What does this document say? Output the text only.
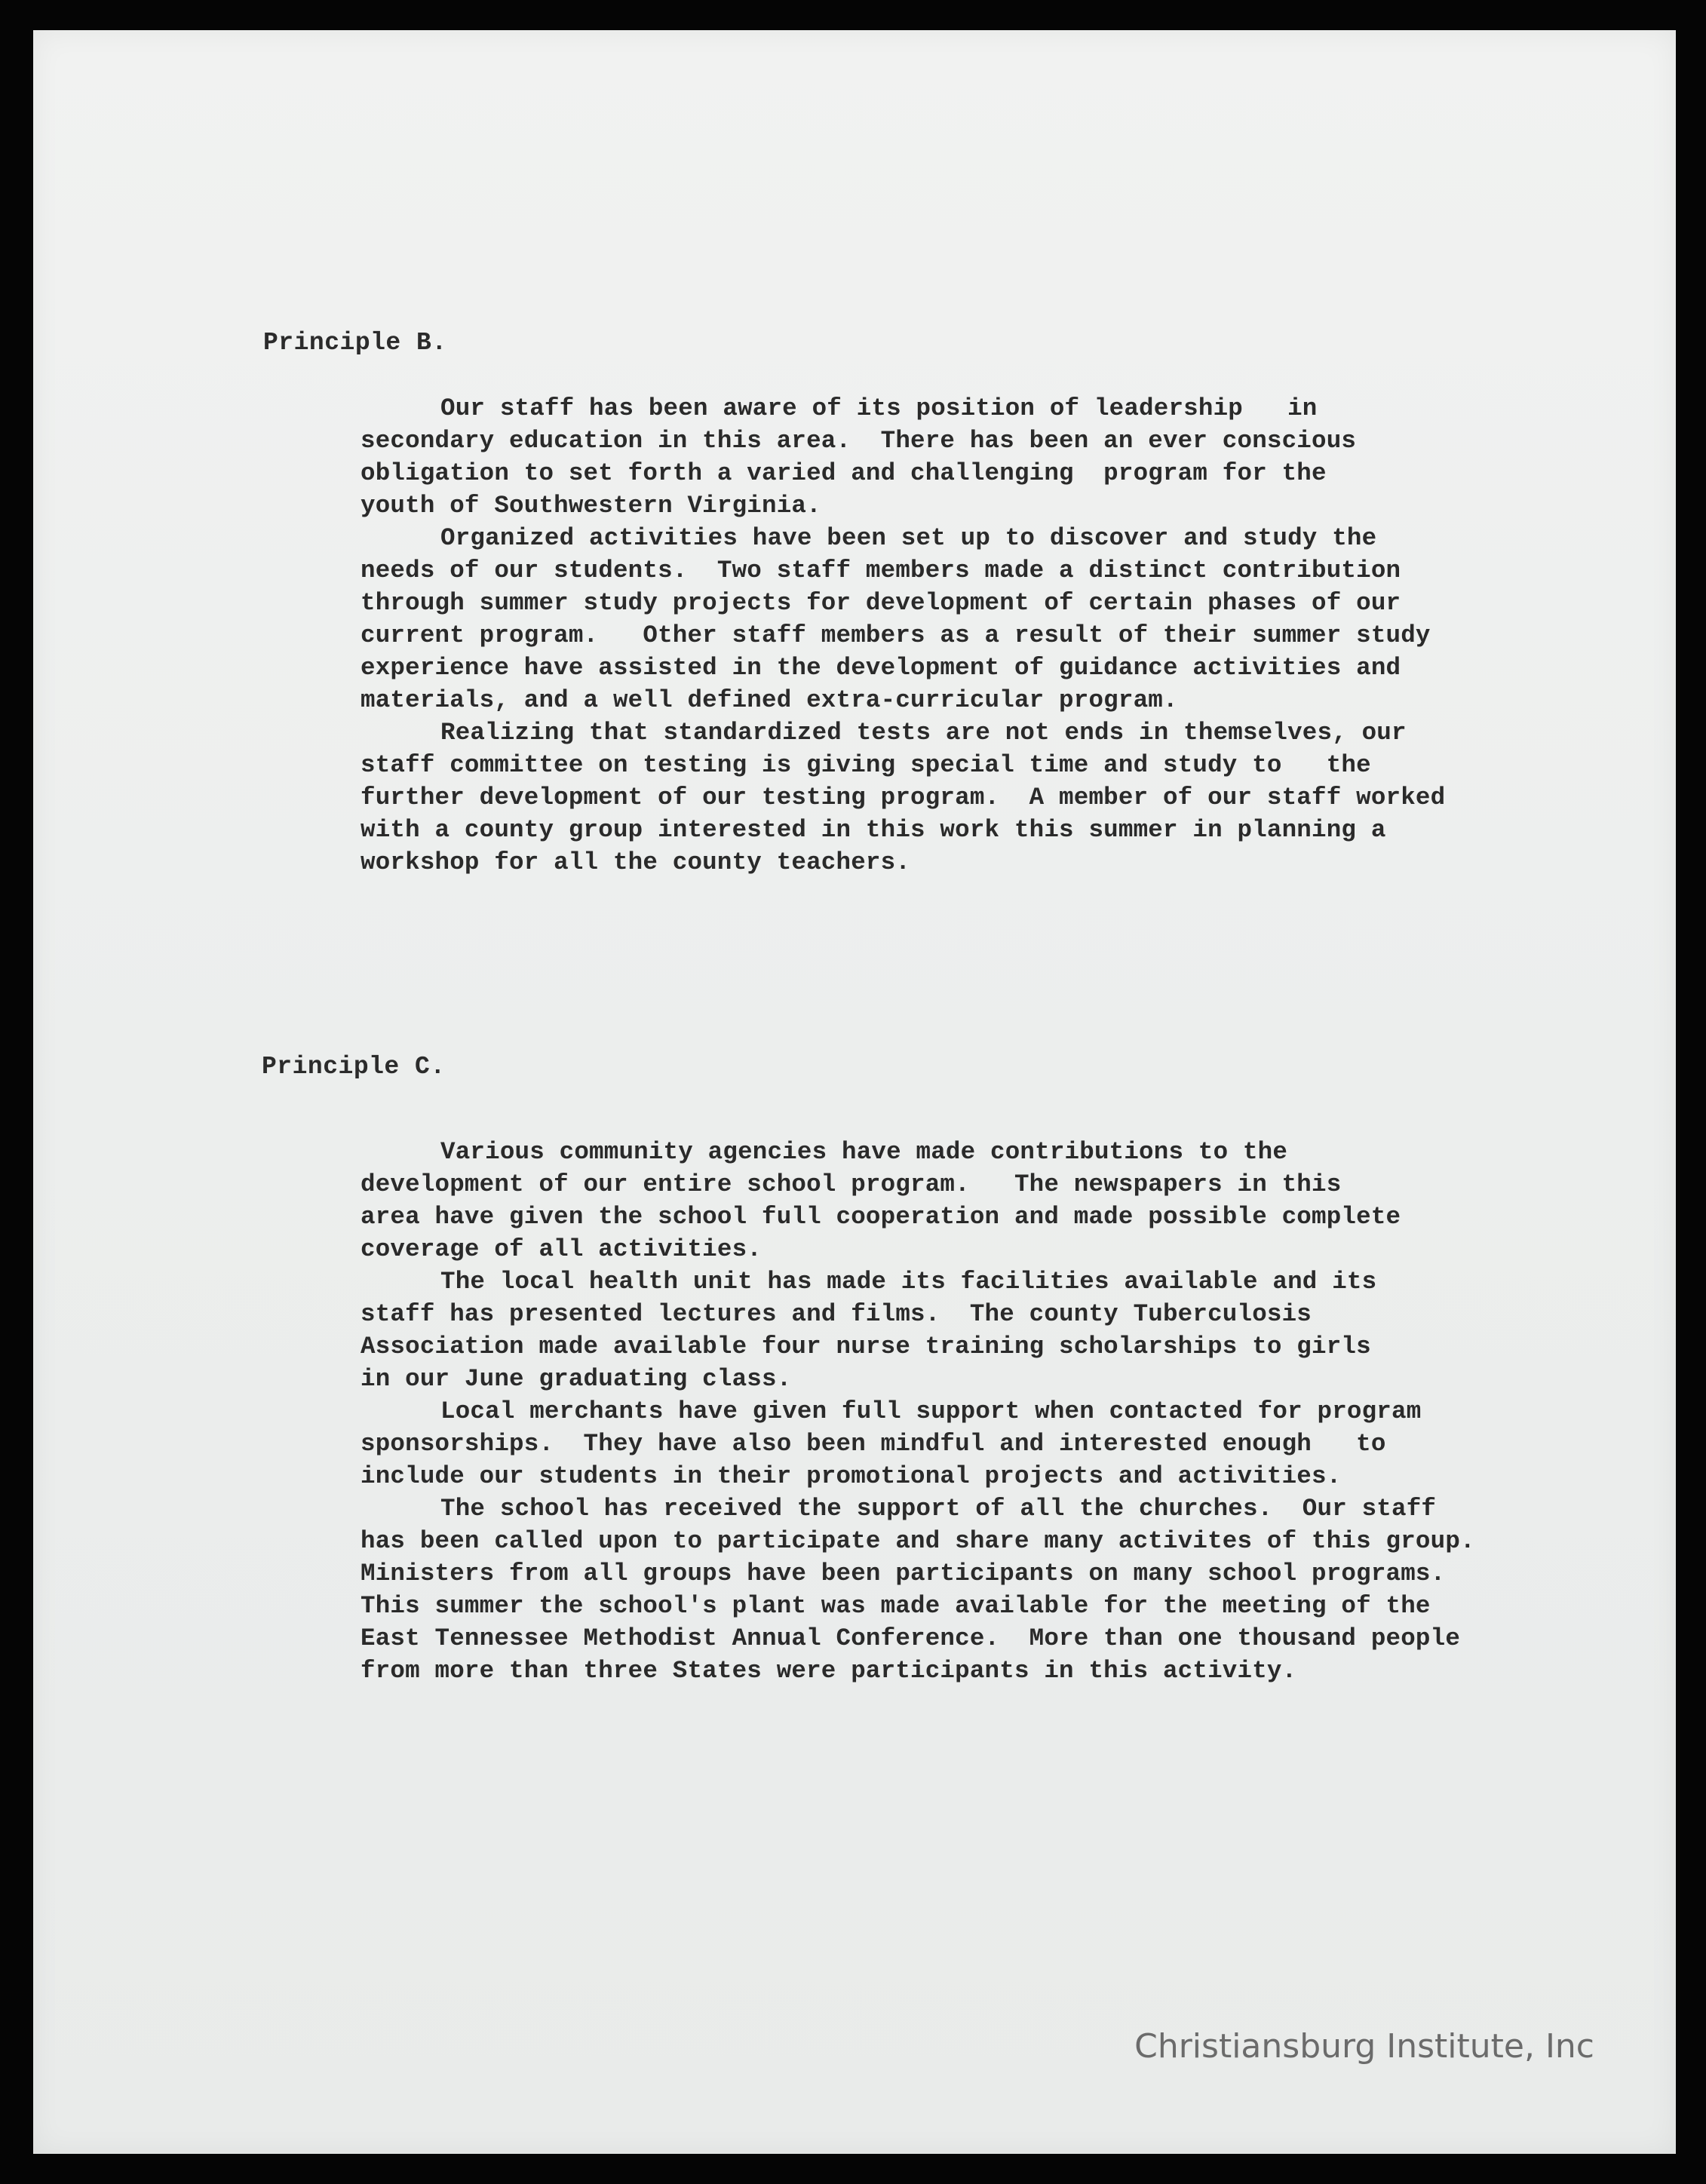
Principle B.
Our staff has been aware of its position of leadership   in
secondary education in this area.  There has been an ever conscious
obligation to set forth a varied and challenging  program for the
youth of Southwestern Virginia.
Organized activities have been set up to discover and study the
needs of our students.  Two staff members made a distinct contribution
through summer study projects for development of certain phases of our
current program.   Other staff members as a result of their summer study
experience have assisted in the development of guidance activities and
materials, and a well defined extra-curricular program.
Realizing that standardized tests are not ends in themselves, our
staff committee on testing is giving special time and study to   the
further development of our testing program.  A member of our staff worked
with a county group interested in this work this summer in planning a
workshop for all the county teachers.
Principle C.
Various community agencies have made contributions to the
development of our entire school program.   The newspapers in this
area have given the school full cooperation and made possible complete
coverage of all activities.
The local health unit has made its facilities available and its
staff has presented lectures and films.  The county Tuberculosis
Association made available four nurse training scholarships to girls
in our June graduating class.
Local merchants have given full support when contacted for program
sponsorships.  They have also been mindful and interested enough   to
include our students in their promotional projects and activities.
The school has received the support of all the churches.  Our staff
has been called upon to participate and share many activites of this group.
Ministers from all groups have been participants on many school programs.
This summer the school's plant was made available for the meeting of the
East Tennessee Methodist Annual Conference.  More than one thousand people
from more than three States were participants in this activity.
Christiansburg Institute, Inc
